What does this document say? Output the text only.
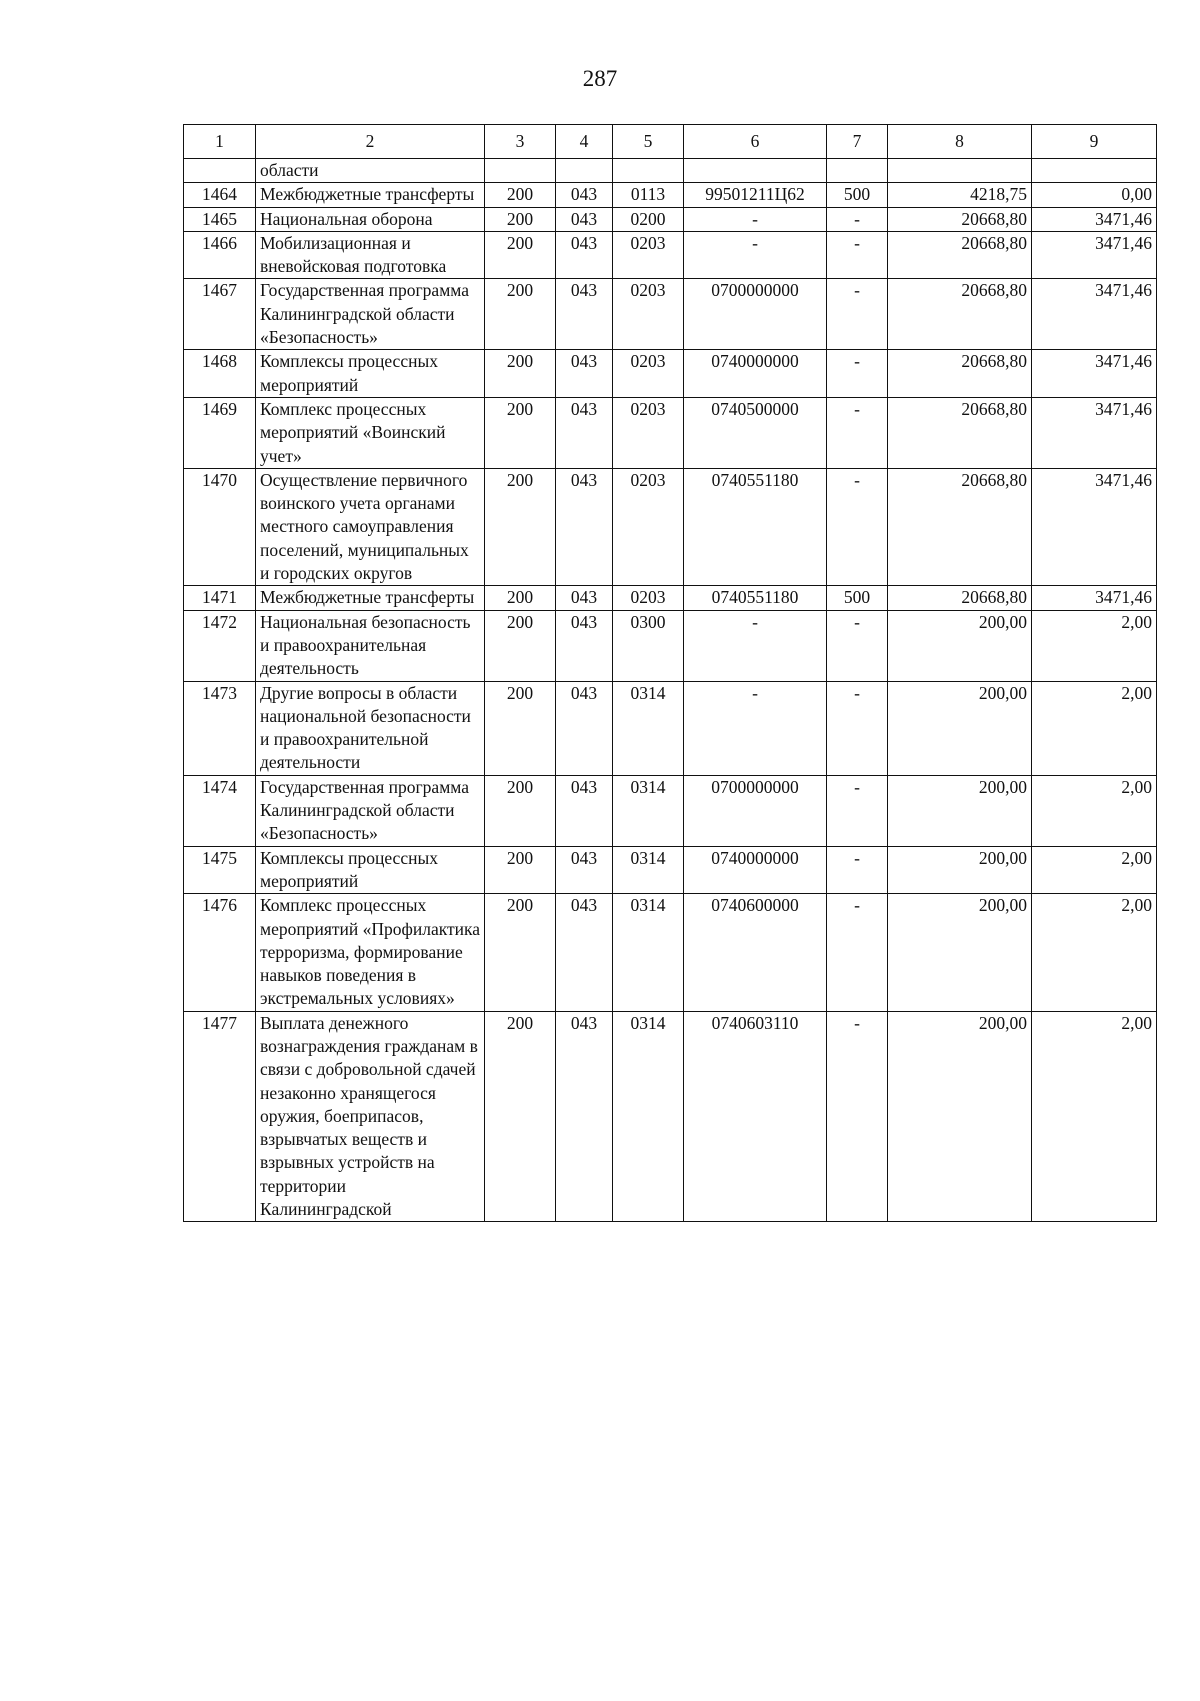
287
1	2	3	4	5	6	7	8	9
	области							
1464	Межбюджетные трансферты	200	043	0113	99501211Ц62	500	4218,75	0,00
1465	Национальная оборона	200	043	0200	-	-	20668,80	3471,46
1466	Мобилизационная и вневойсковая подготовка	200	043	0203	-	-	20668,80	3471,46
1467	Государственная программа Калининградской области «Безопасность»	200	043	0203	0700000000	-	20668,80	3471,46
1468	Комплексы процессных мероприятий	200	043	0203	0740000000	-	20668,80	3471,46
1469	Комплекс процессных мероприятий «Воинский учет»	200	043	0203	0740500000	-	20668,80	3471,46
1470	Осуществление первичного воинского учета органами местного самоуправления поселений, муниципальных и городских округов	200	043	0203	0740551180	-	20668,80	3471,46
1471	Межбюджетные трансферты	200	043	0203	0740551180	500	20668,80	3471,46
1472	Национальная безопасность и правоохранительная деятельность	200	043	0300	-	-	200,00	2,00
1473	Другие вопросы в области национальной безопасности и правоохранительной деятельности	200	043	0314	-	-	200,00	2,00
1474	Государственная программа Калининградской области «Безопасность»	200	043	0314	0700000000	-	200,00	2,00
1475	Комплексы процессных мероприятий	200	043	0314	0740000000	-	200,00	2,00
1476	Комплекс процессных мероприятий «Профилактика терроризма, формирование навыков поведения в экстремальных условиях»	200	043	0314	0740600000	-	200,00	2,00
1477	Выплата денежного вознаграждения гражданам в связи с добровольной сдачей незаконно хранящегося оружия, боеприпасов, взрывчатых веществ и взрывных устройств на территории Калининградской	200	043	0314	0740603110	-	200,00	2,00
